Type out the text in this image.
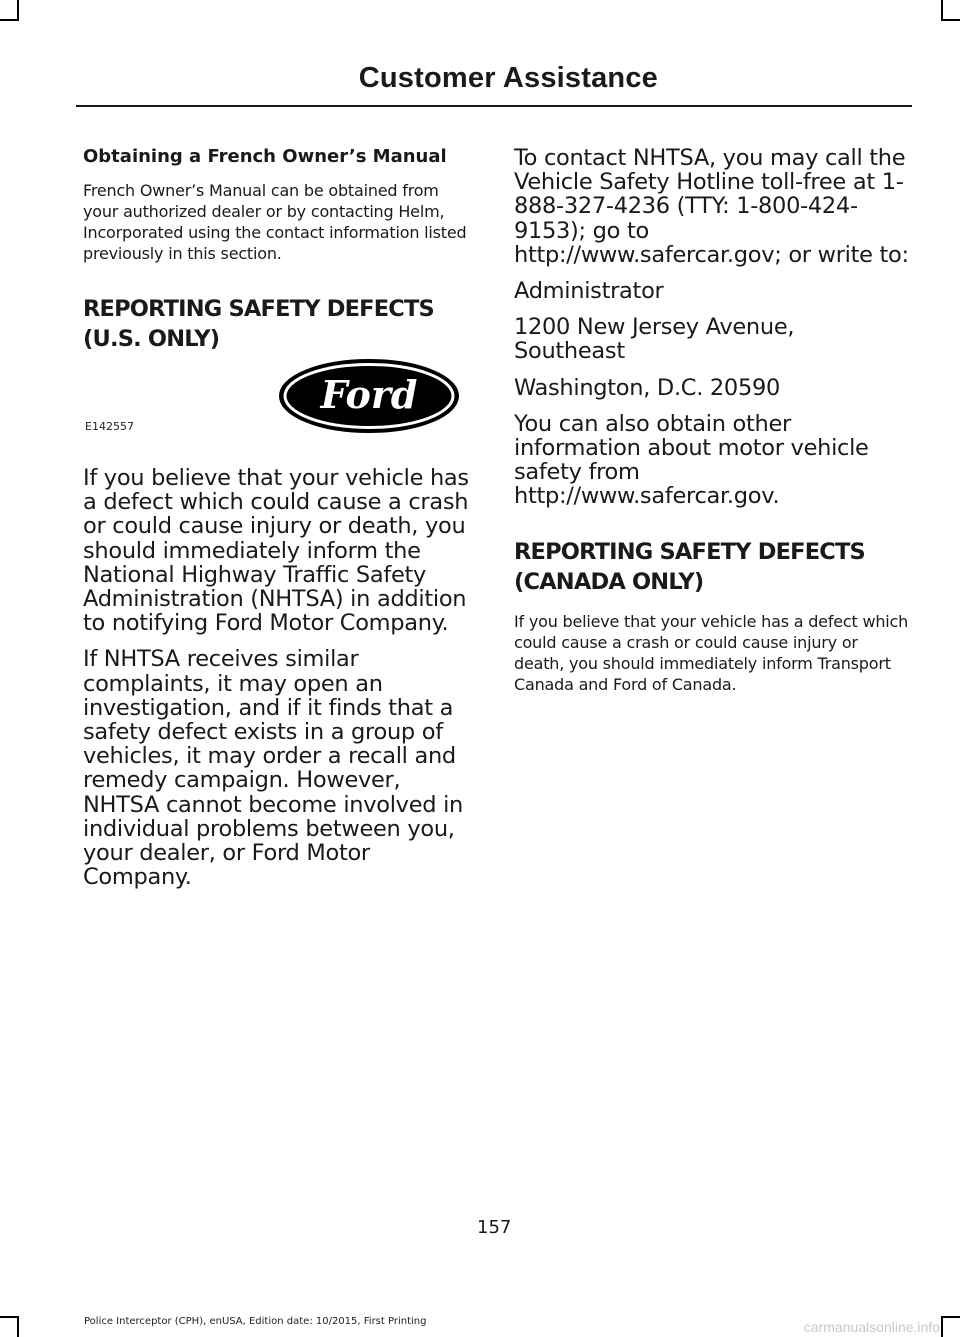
Customer Assistance

Obtaining a French Owner’s Manual

French Owner’s Manual can be obtained from your authorized dealer or by contacting Helm, Incorporated using the contact information listed previously in this section.

REPORTING SAFETY DEFECTS

(U.S. ONLY)

Ford
E142557

If you believe that your vehicle has a defect which could cause a crash or could cause injury or death, you should immediately inform the National Highway Traffic Safety Administration (NHTSA) in addition to notifying Ford Motor Company.

If NHTSA receives similar complaints, it may open an investigation, and if it finds that a safety defect exists in a group of vehicles, it may order a recall and remedy campaign. However, NHTSA cannot become involved in individual problems between you, your dealer, or Ford Motor Company.

To contact NHTSA, you may call the Vehicle Safety Hotline toll-free at 1-888-327-4236 (TTY: 1-800-424-9153); go to http://www.safercar.gov; or write to:

Administrator

1200 New Jersey Avenue, Southeast

Washington, D.C. 20590

You can also obtain other information about motor vehicle safety from http://www.safercar.gov.

REPORTING SAFETY DEFECTS

(CANADA ONLY)

If you believe that your vehicle has a defect which could cause a crash or could cause injury or death, you should immediately inform Transport Canada and Ford of Canada.

157
Police Interceptor (CPH), enUSA, Edition date: 10/2015, First Printing	carmanualsonline.info
